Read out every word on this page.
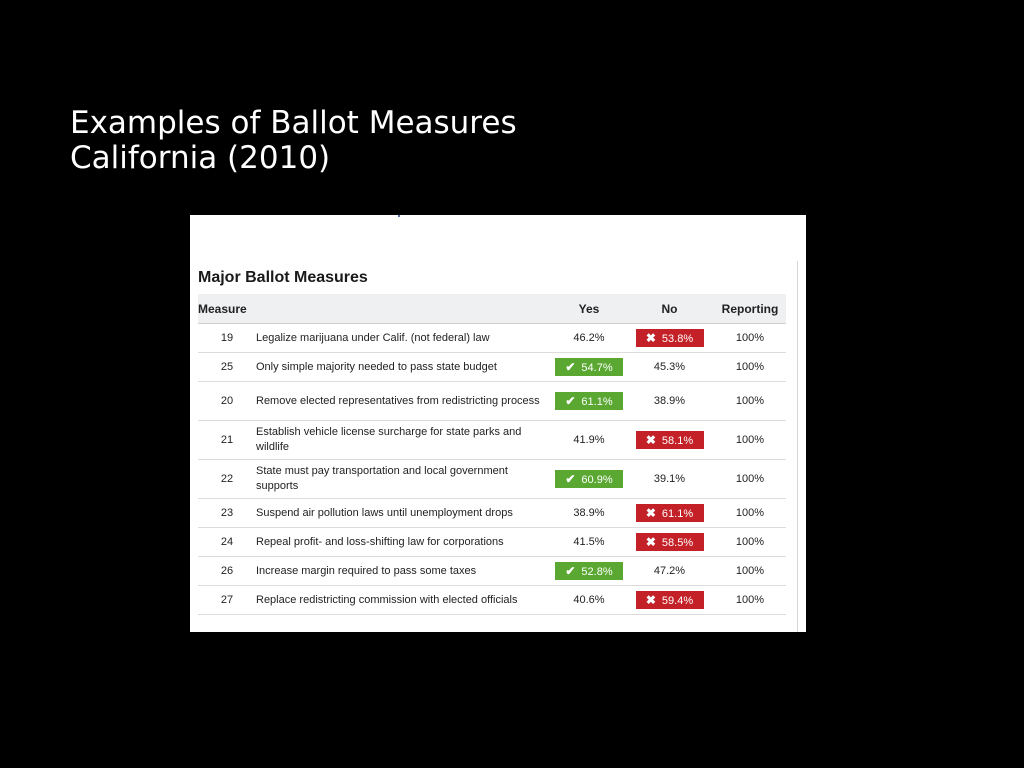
Examples of Ballot Measures
California (2010)
Major Ballot Measures
Measure		Yes	No	Reporting
19	Legalize marijuana under Calif. (not federal) law	46.2%	✖ 53.8%	100%
25	Only simple majority needed to pass state budget	✔ 54.7%	45.3%	100%
20	Remove elected representatives from redistricting process	✔ 61.1%	38.9%	100%
21	Establish vehicle license surcharge for state parks and wildlife	41.9%	✖ 58.1%	100%
22	State must pay transportation and local government supports	✔ 60.9%	39.1%	100%
23	Suspend air pollution laws until unemployment drops	38.9%	✖ 61.1%	100%
24	Repeal profit- and loss-shifting law for corporations	41.5%	✖ 58.5%	100%
26	Increase margin required to pass some taxes	✔ 52.8%	47.2%	100%
27	Replace redistricting commission with elected officials	40.6%	✖ 59.4%	100%
